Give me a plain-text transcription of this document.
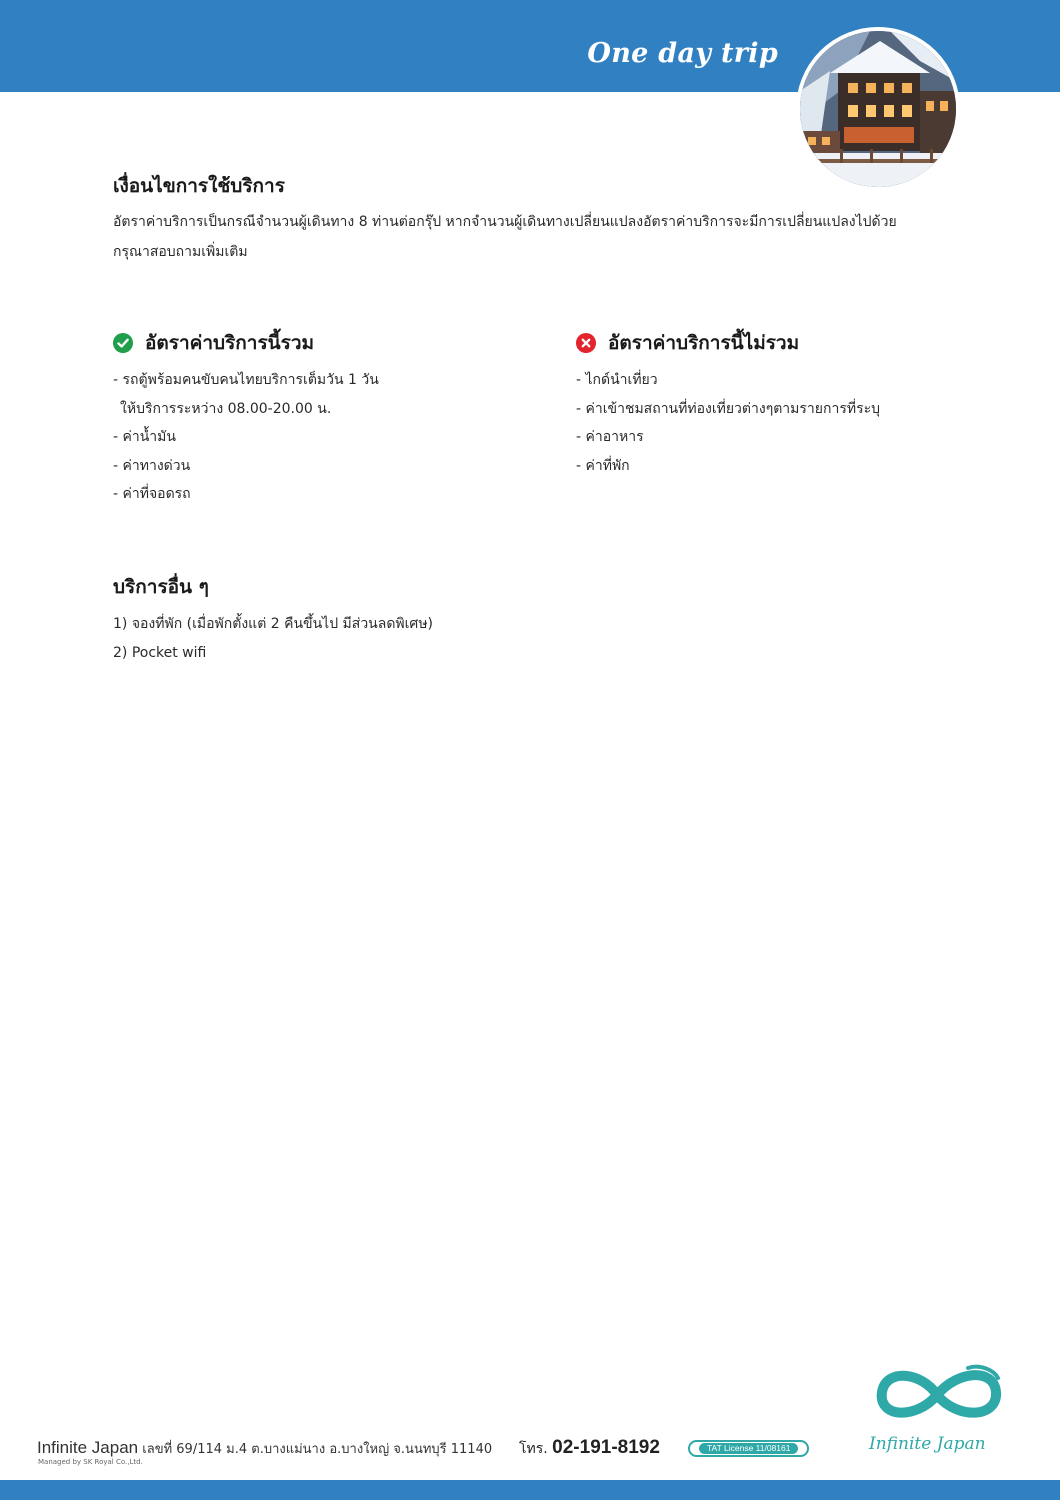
One day trip
เงื่อนไขการใช้บริการ
อัตราค่าบริการเป็นกรณีจำนวนผู้เดินทาง 8 ท่านต่อกรุ๊ป หากจำนวนผู้เดินทางเปลี่ยนแปลงอัตราค่าบริการจะมีการเปลี่ยนแปลงไปด้วย
กรุณาสอบถามเพิ่มเติม
อัตราค่าบริการนี้รวม
- รถตู้พร้อมคนขับคนไทยบริการเต็มวัน 1 วัน
ให้บริการระหว่าง 08.00-20.00 น.
- ค่าน้ำมัน
- ค่าทางด่วน
- ค่าที่จอดรถ
อัตราค่าบริการนี้ไม่รวม
- ไกด์นำเที่ยว
- ค่าเข้าชมสถานที่ท่องเที่ยวต่างๆตามรายการที่ระบุ
- ค่าอาหาร
- ค่าที่พัก
บริการอื่น ๆ
1) จองที่พัก (เมื่อพักตั้งแต่ 2 คืนขึ้นไป มีส่วนลดพิเศษ)
2) Pocket wifi
Infinite Japan
Infinite Japan เลขที่ 69/114 ม.4 ต.บางแม่นาง อ.บางใหญ่ จ.นนทบุรี 11140
Managed by SK Royal Co.,Ltd.
โทร. 02-191-8192	TAT License 11/08161
